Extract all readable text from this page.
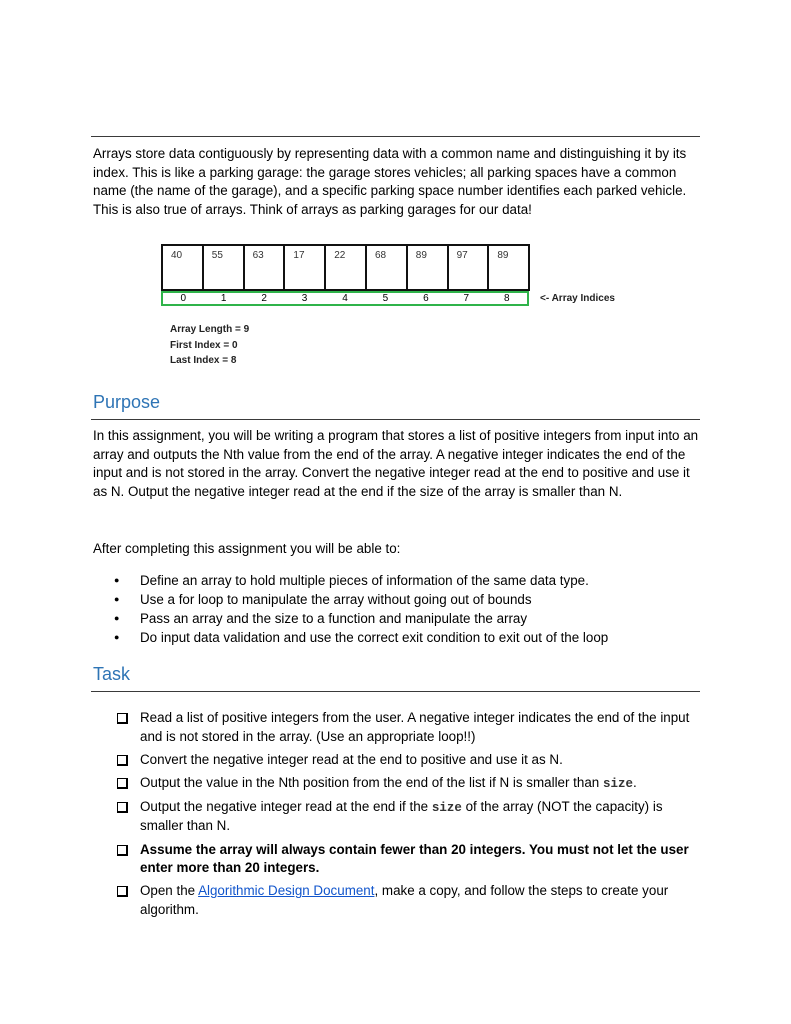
Arrays store data contiguously by representing data with a common name and distinguishing it by its index. This is like a parking garage: the garage stores vehicles; all parking spaces have a common name (the name of the garage), and a specific parking space number identifies each parked vehicle. This is also true of arrays. Think of arrays as parking garages for our data!

40	55	63	17	22	68	89	97	89
0	1	2	3	4	5	6	7	8	<- Array Indices
Array Length = 9
First Index = 0
Last Index = 8
Purpose

In this assignment, you will be writing a program that stores a list of positive integers from input into an array and outputs the Nth value from the end of the array. A negative integer indicates the end of the input and is not stored in the array. Convert the negative integer read at the end to positive and use it as N. Output the negative integer read at the end if the size of the array is smaller than N.

After completing this assignment you will be able to:

● Define an array to hold multiple pieces of information of the same data type.
● Use a for loop to manipulate the array without going out of bounds
● Pass an array and the size to a function and manipulate the array
● Do input data validation and use the correct exit condition to exit out of the loop
Task
Read a list of positive integers from the user. A negative integer indicates the end of the input and is not stored in the array. (Use an appropriate loop!!)
Convert the negative integer read at the end to positive and use it as N.
Output the value in the Nth position from the end of the list if N is smaller than size.
Output the negative integer read at the end if the size of the array (NOT the capacity) is smaller than N.
Assume the array will always contain fewer than 20 integers. You must not let the user enter more than 20 integers.
Open the Algorithmic Design Document, make a copy, and follow the steps to create your algorithm.
